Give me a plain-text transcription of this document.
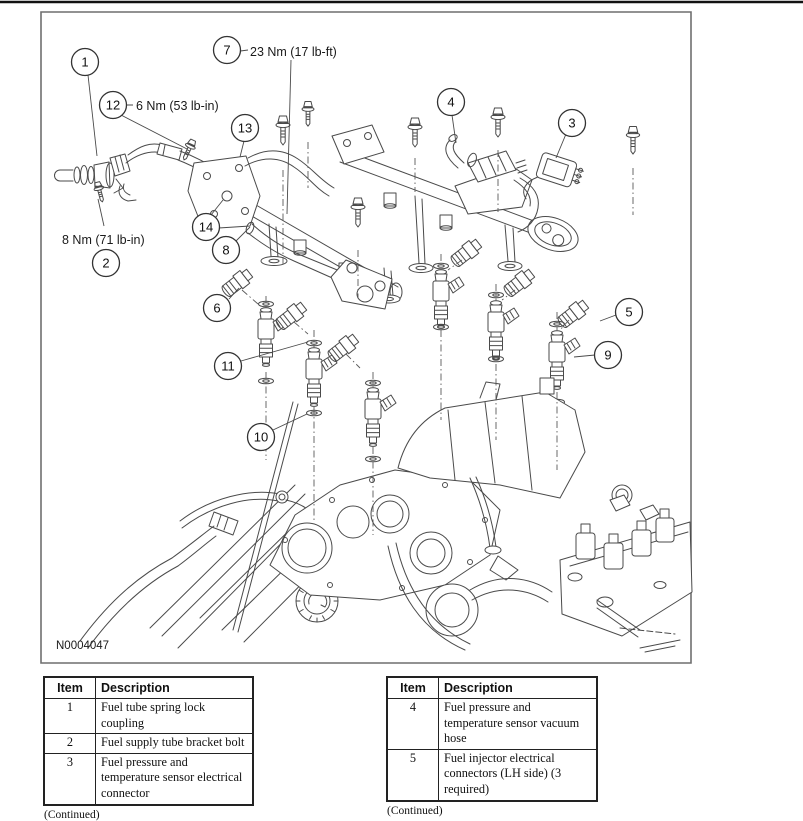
1
2
3
4
5
6
7
8
9
10
11
12
13
14
23 Nm (17 lb-ft)
6 Nm (53 lb-in)
8 Nm (71 lb-in)
N0004047
Item	Description
1	Fuel tube spring lock coupling
2	Fuel supply tube bracket bolt
3	Fuel pressure and temperature sensor electrical connector
(Continued)
Item	Description
4	Fuel pressure and temperature sensor vacuum hose
5	Fuel injector electrical connectors (LH side) (3 required)
(Continued)
